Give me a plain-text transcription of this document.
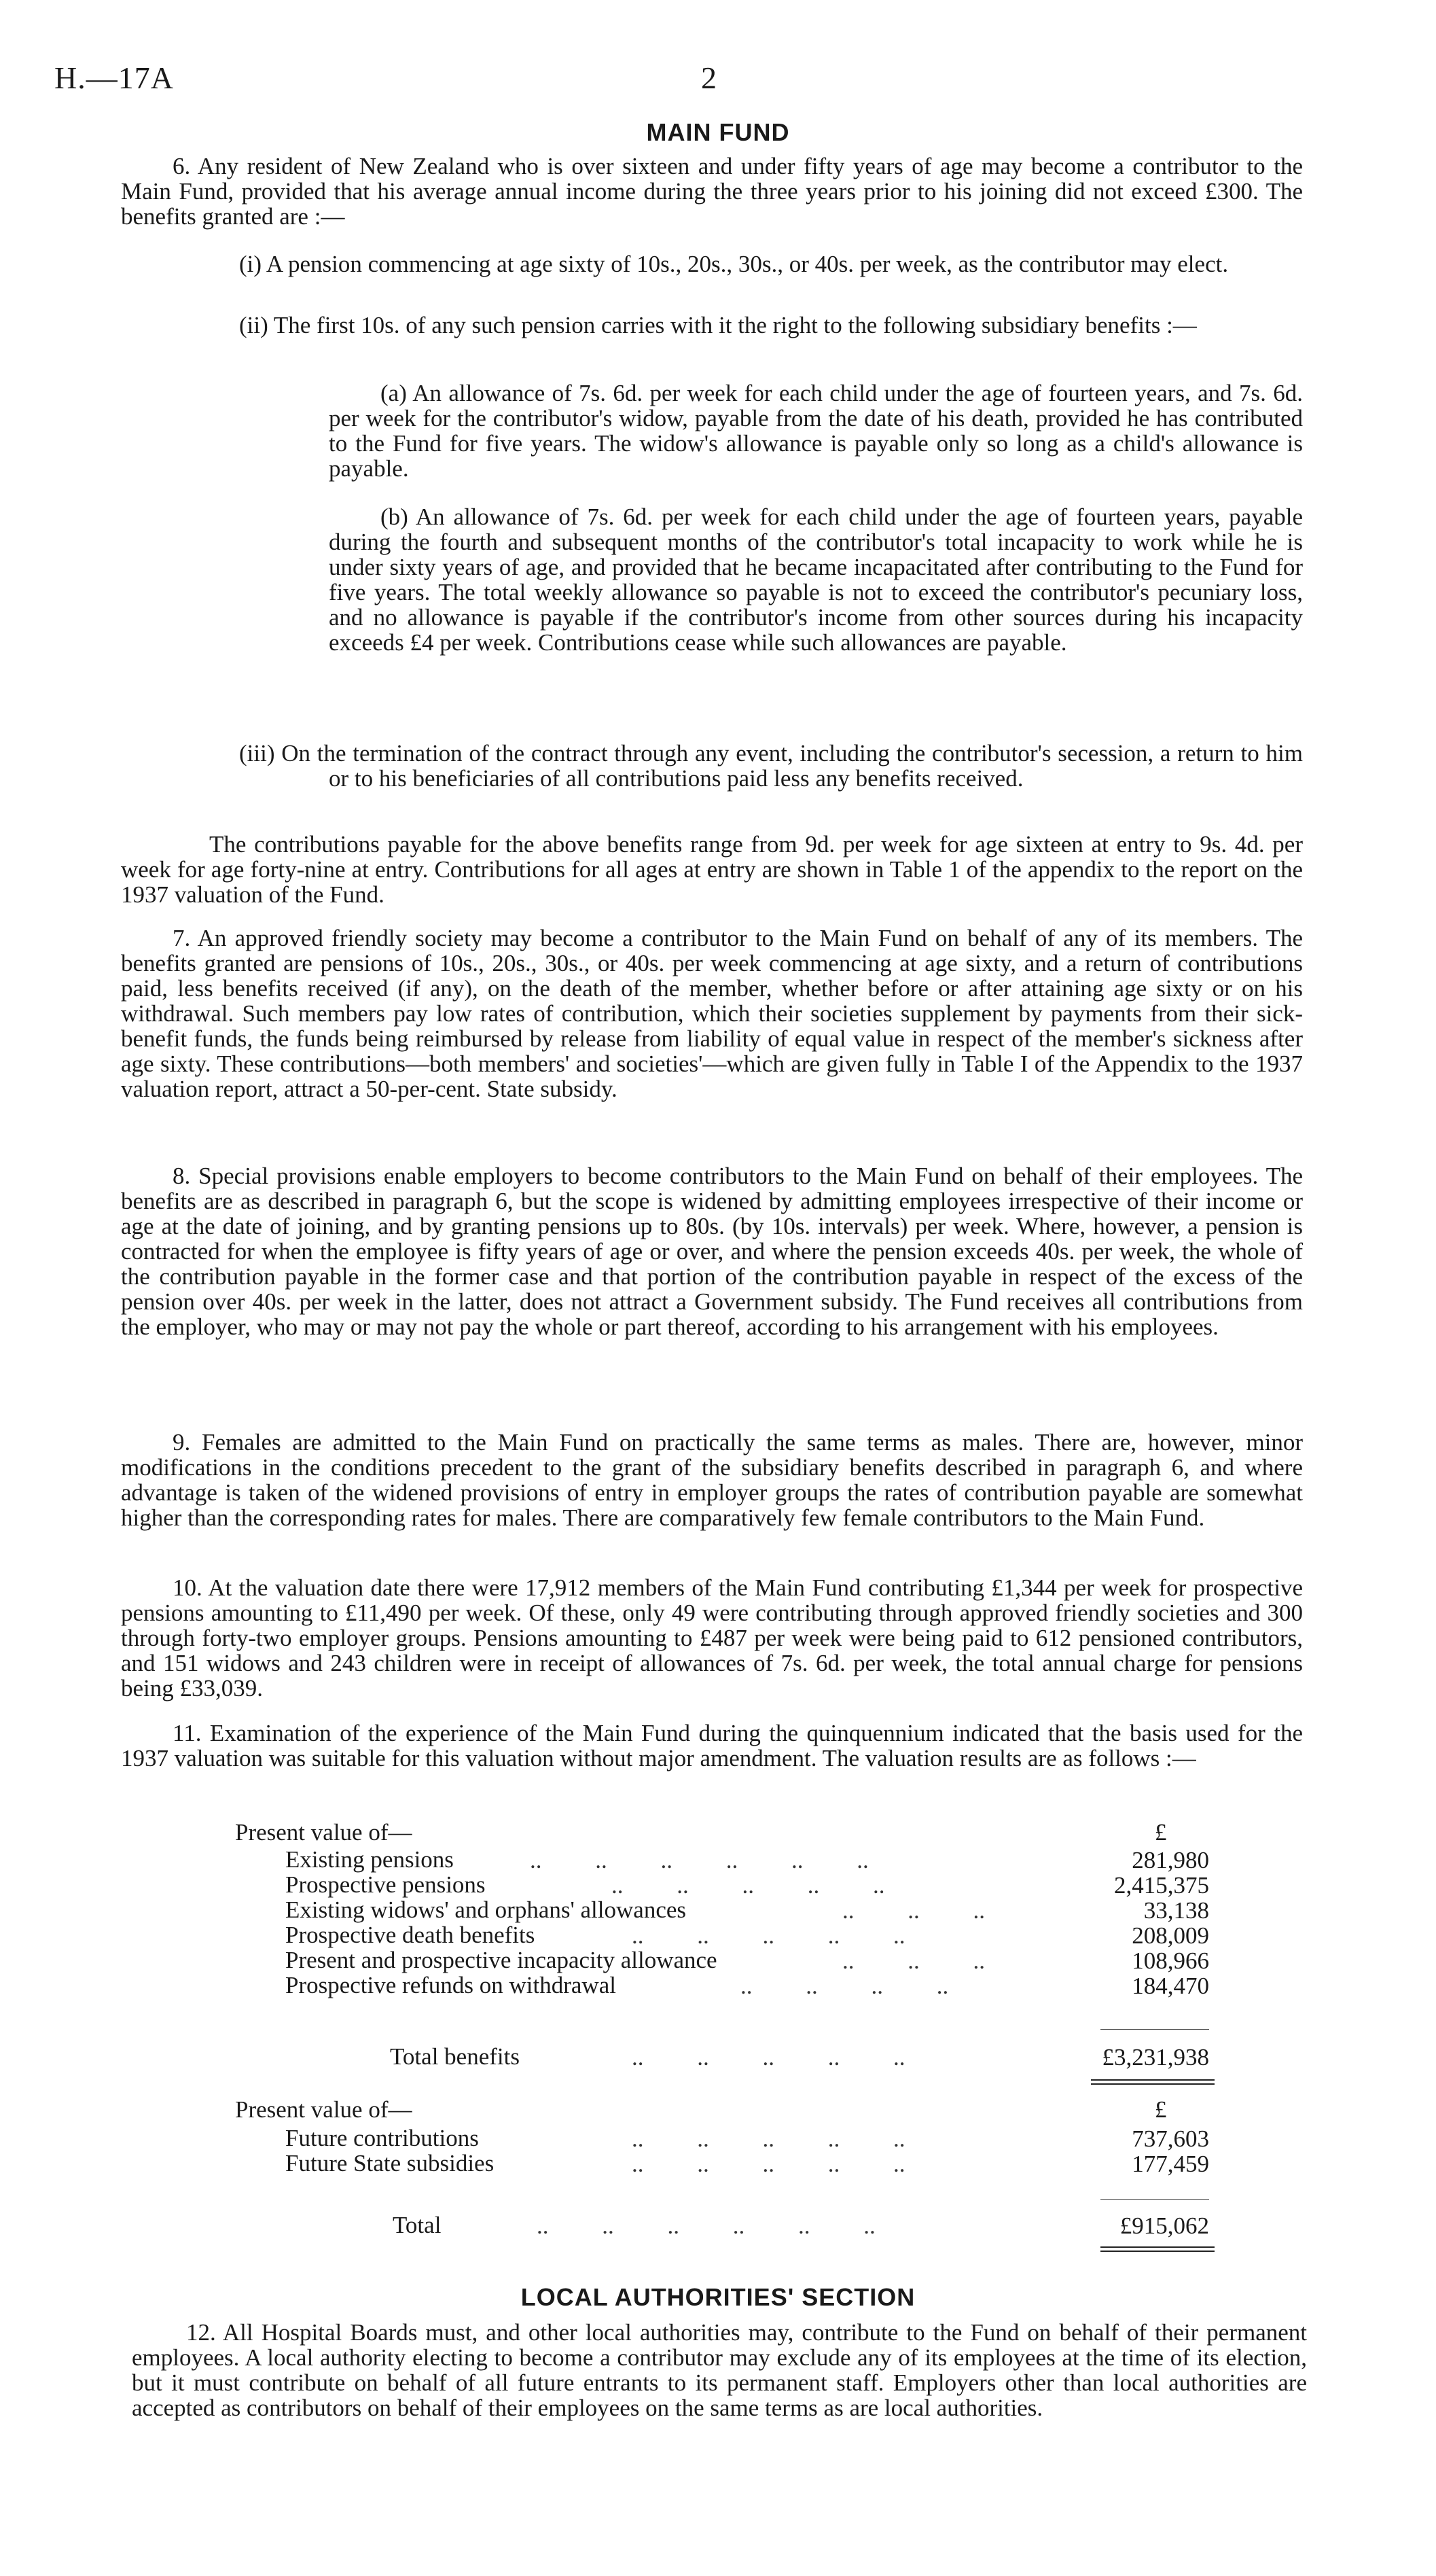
H.—17A	2
MAIN FUND

6. Any resident of New Zealand who is over sixteen and under fifty years of age may become a contributor to the Main Fund, provided that his average annual income during the three years prior to his joining did not exceed £300. The benefits granted are :—

(i) A pension commencing at age sixty of 10s., 20s., 30s., or 40s. per week, as the contributor may elect.

(ii) The first 10s. of any such pension carries with it the right to the following subsidiary benefits :—

(a) An allowance of 7s. 6d. per week for each child under the age of fourteen years, and 7s. 6d. per week for the contributor's widow, payable from the date of his death, provided he has contributed to the Fund for five years. The widow's allowance is payable only so long as a child's allowance is payable.

(b) An allowance of 7s. 6d. per week for each child under the age of fourteen years, payable during the fourth and subsequent months of the contributor's total incapacity to work while he is under sixty years of age, and provided that he became incapacitated after contributing to the Fund for five years. The total weekly allowance so payable is not to exceed the contributor's pecuniary loss, and no allowance is payable if the contributor's income from other sources during his incapacity exceeds £4 per week. Contributions cease while such allowances are payable.

(iii) On the termination of the contract through any event, including the contributor's secession, a return to him or to his beneficiaries of all contributions paid less any benefits received.

The contributions payable for the above benefits range from 9d. per week for age sixteen at entry to 9s. 4d. per week for age forty-nine at entry. Contributions for all ages at entry are shown in Table 1 of the appendix to the report on the 1937 valuation of the Fund.

7. An approved friendly society may become a contributor to the Main Fund on behalf of any of its members. The benefits granted are pensions of 10s., 20s., 30s., or 40s. per week commencing at age sixty, and a return of contributions paid, less benefits received (if any), on the death of the member, whether before or after attaining age sixty or on his withdrawal. Such members pay low rates of contribution, which their societies supplement by payments from their sick-benefit funds, the funds being reimbursed by release from liability of equal value in respect of the member's sickness after age sixty. These contributions—both members' and societies'—which are given fully in Table I of the Appendix to the 1937 valuation report, attract a 50-per-cent. State subsidy.

8. Special provisions enable employers to become contributors to the Main Fund on behalf of their employees. The benefits are as described in paragraph 6, but the scope is widened by admitting employees irrespective of their income or age at the date of joining, and by granting pensions up to 80s. (by 10s. intervals) per week. Where, however, a pension is contracted for when the employee is fifty years of age or over, and where the pension exceeds 40s. per week, the whole of the contribution payable in the former case and that portion of the contribution payable in respect of the excess of the pension over 40s. per week in the latter, does not attract a Government subsidy. The Fund receives all contributions from the employer, who may or may not pay the whole or part thereof, according to his arrangement with his employees.

9. Females are admitted to the Main Fund on practically the same terms as males. There are, however, minor modifications in the conditions precedent to the grant of the subsidiary benefits described in paragraph 6, and where advantage is taken of the widened provisions of entry in employer groups the rates of contribution payable are somewhat higher than the corresponding rates for males. There are comparatively few female contributors to the Main Fund.

10. At the valuation date there were 17,912 members of the Main Fund contributing £1,344 per week for prospective pensions amounting to £11,490 per week. Of these, only 49 were contributing through approved friendly societies and 300 through forty-two employer groups. Pensions amounting to £487 per week were being paid to 612 pensioned contributors, and 151 widows and 243 children were in receipt of allowances of 7s. 6d. per week, the total annual charge for pensions being £33,039.

11. Examination of the experience of the Main Fund during the quinquennium indicated that the basis used for the 1937 valuation was suitable for this valuation without major amendment. The valuation results are as follows :—

Present value of—	£
Existing pensions	..         ..         ..         ..         ..         ..	281,980
Prospective pensions	..         ..         ..         ..         ..	2,415,375
Existing widows' and orphans' allowances	..         ..         ..	33,138
Prospective death benefits	..         ..         ..         ..         ..	208,009
Present and prospective incapacity allowance	..         ..         ..	108,966
Prospective refunds on withdrawal	..         ..         ..         ..	184,470
Total benefits	..         ..         ..         ..         ..	£3,231,938
Present value of—	£
Future contributions	..         ..         ..         ..         ..	737,603
Future State subsidies	..         ..         ..         ..         ..	177,459
Total	..         ..         ..         ..         ..         ..	£915,062
LOCAL AUTHORITIES' SECTION

12. All Hospital Boards must, and other local authorities may, contribute to the Fund on behalf of their permanent employees. A local authority electing to become a contributor may exclude any of its employees at the time of its election, but it must contribute on behalf of all future entrants to its permanent staff. Employers other than local authorities are accepted as contributors on behalf of their employees on the same terms as are local authorities.
